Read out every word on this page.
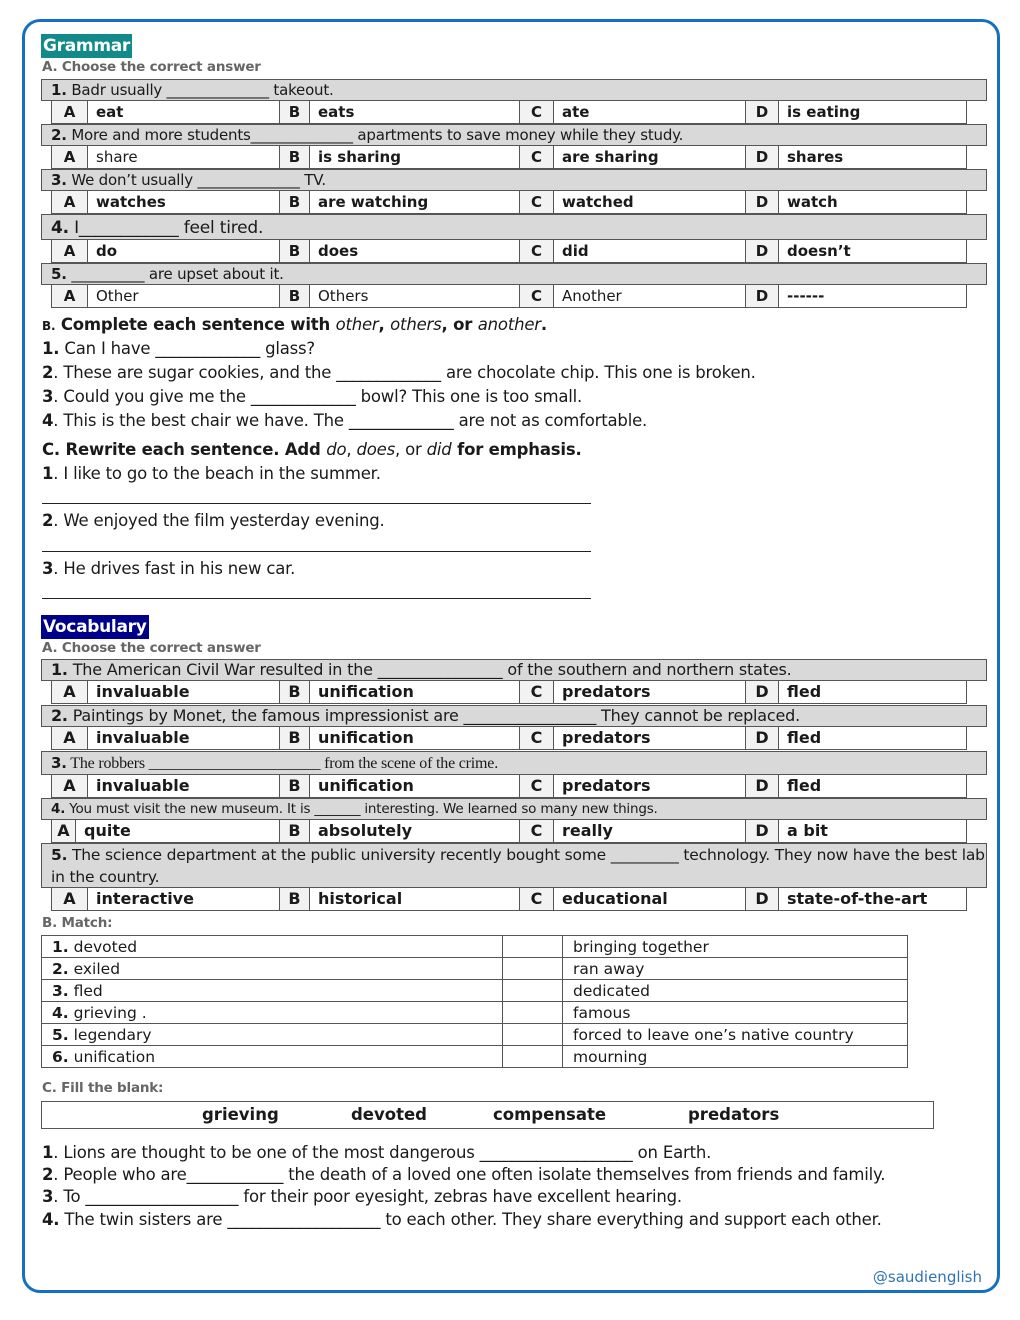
Grammar
A. Choose the correct answer
1. Badr usually ______________ takeout.
A	eat	B	eats	C	ate	D	is eating
2. More and more students______________ apartments to save money while they study.
A	share	B	is sharing	C	are sharing	D	shares
3. We don’t usually ______________ TV.
A	watches	B	are watching	C	watched	D	watch
4. I____________ feel tired.
A	do	B	does	C	did	D	doesn’t
5. __________ are upset about it.
A	Other	B	Others	C	Another	D	------
B. Complete each sentence with other, others, or another.
1. Can I have _____________ glass?
2. These are sugar cookies, and the _____________ are chocolate chip. This one is broken.
3. Could you give me the _____________ bowl? This one is too small.
4. This is the best chair we have. The _____________ are not as comfortable.
C. Rewrite each sentence. Add do, does, or did for emphasis.
1. I like to go to the beach in the summer.
2. We enjoyed the film yesterday evening.
3. He drives fast in his new car.
Vocabulary
A. Choose the correct answer
1. The American Civil War resulted in the ________________ of the southern and northern states.
A	invaluable	B	unification	C	predators	D	fled
2. Paintings by Monet, the famous impressionist are _________________ They cannot be replaced.
A	invaluable	B	unification	C	predators	D	fled
3. The robbers ______________________ from the scene of the crime.
A	invaluable	B	unification	C	predators	D	fled
4. You must visit the new museum. It is _______ interesting. We learned so many new things.
A quite	B	absolutely	C	really	D	a bit
5. The science department at the public university recently bought some _________ technology. They now have the best lab in the country.
A	interactive	B	historical	C	educational	D	state-of-the-art
B. Match:
1. devoted		bringing together
2. exiled		ran away
3. fled		dedicated
4. grieving .		famous
5. legendary		forced to leave one’s native country
6. unification		mourning
C. Fill the blank:
grieving	devoted	compensate	predators
1. Lions are thought to be one of the most dangerous ___________________ on Earth.
2. People who are____________ the death of a loved one often isolate themselves from friends and family.
3. To ___________________ for their poor eyesight, zebras have excellent hearing.
4. The twin sisters are ___________________ to each other. They share everything and support each other.
@saudienglish
